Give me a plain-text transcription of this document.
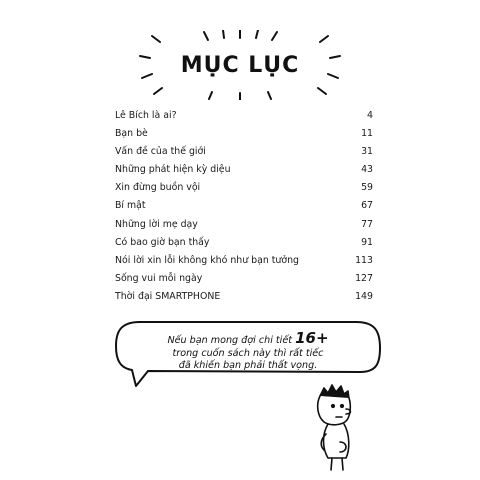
MỤC LỤC
Lê Bích là ai?	4
Bạn bè	11
Vấn đề của thế giới	31
Những phát hiện kỳ diệu	43
Xin đừng buồn vội	59
Bí mật	67
Những lời mẹ dạy	77
Có bao giờ bạn thấy	91
Nói lời xin lỗi không khó như bạn tưởng	113
Sống vui mỗi ngày	127
Thời đại SMARTPHONE	149
Nếu bạn mong đợi chi tiết 16+
trong cuốn sách này thì rất tiếc
đã khiến bạn phải thất vọng.
